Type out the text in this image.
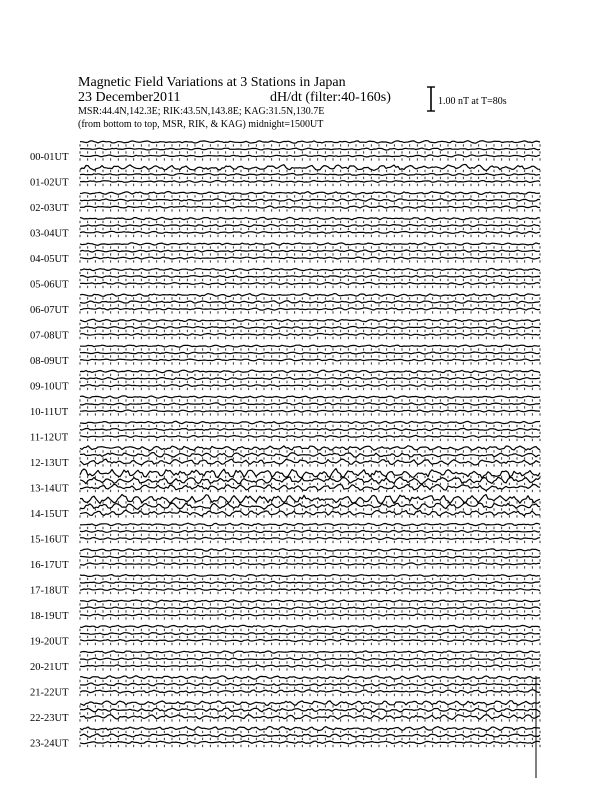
Magnetic Field Variations at 3 Stations in Japan
23 December2011	dH/dt (filter:40-160s)
MSR:44.4N,142.3E; RIK:43.5N,143.8E; KAG:31.5N,130.7E
(from bottom to top, MSR, RIK, & KAG) midnight=1500UT
1.00 nT at T=80s
00-01UT
01-02UT
02-03UT
03-04UT
04-05UT
05-06UT
06-07UT
07-08UT
08-09UT
09-10UT
10-11UT
11-12UT
12-13UT
13-14UT
14-15UT
15-16UT
16-17UT
17-18UT
18-19UT
19-20UT
20-21UT
21-22UT
22-23UT
23-24UT
